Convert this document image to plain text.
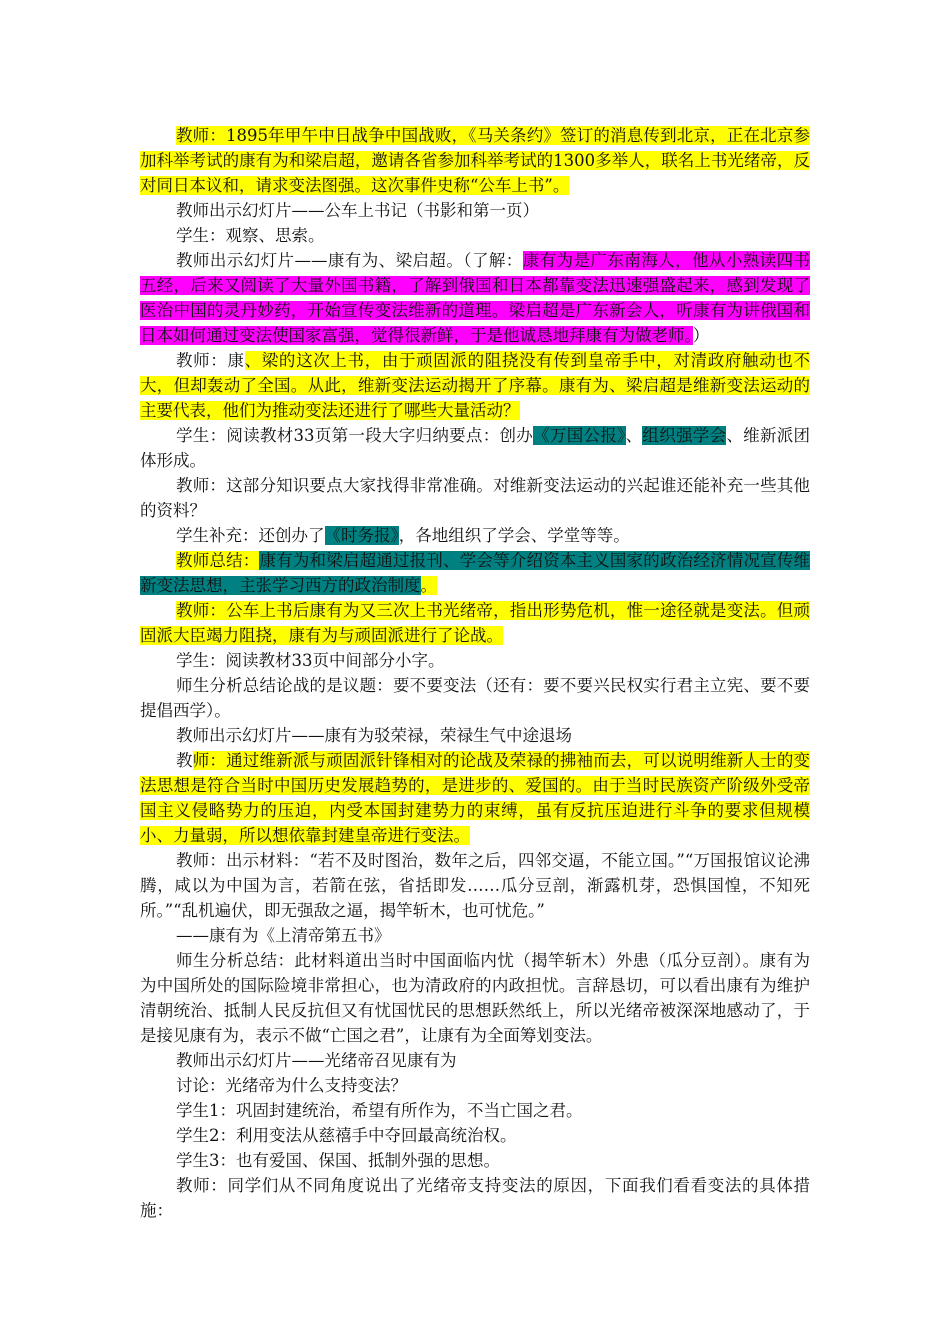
教师：1895年甲午中日战争中国战败，《马关条约》签订的消息传到北京，正在北京参加科举考试的康有为和梁启超，邀请各省参加科举考试的1300多举人，联名上书光绪帝，反对同日本议和，请求变法图强。这次事件史称“公车上书”。

教师出示幻灯片——公车上书记（书影和第一页）

学生：观察、思索。

教师出示幻灯片——康有为、梁启超。（了解：康有为是广东南海人，他从小熟读四书五经，后来又阅读了大量外国书籍，了解到俄国和日本都靠变法迅速强盛起来，感到发现了医治中国的灵丹妙药，开始宣传变法维新的道理。梁启超是广东新会人，听康有为讲俄国和日本如何通过变法使国家富强，觉得很新鲜，于是他诚恳地拜康有为做老师。）

教师：康、梁的这次上书，由于顽固派的阻挠没有传到皇帝手中，对清政府触动也不大，但却轰动了全国。从此，维新变法运动揭开了序幕。康有为、梁启超是维新变法运动的主要代表，他们为推动变法还进行了哪些大量活动？

学生：阅读教材33页第一段大字归纳要点：创办《万国公报》、组织强学会、维新派团体形成。

教师：这部分知识要点大家找得非常准确。对维新变法运动的兴起谁还能补充一些其他的资料？

学生补充：还创办了《时务报》，各地组织了学会、学堂等等。

教师总结：康有为和梁启超通过报刊、学会等介绍资本主义国家的政治经济情况宣传维新变法思想，主张学习西方的政治制度。

教师：公车上书后康有为又三次上书光绪帝，指出形势危机，惟一途径就是变法。但顽固派大臣竭力阻挠，康有为与顽固派进行了论战。

学生：阅读教材33页中间部分小字。

师生分析总结论战的是议题：要不要变法（还有：要不要兴民权实行君主立宪、要不要提倡西学）。

教师出示幻灯片——康有为驳荣禄，荣禄生气中途退场

教师：通过维新派与顽固派针锋相对的论战及荣禄的拂袖而去，可以说明维新人士的变法思想是符合当时中国历史发展趋势的，是进步的、爱国的。由于当时民族资产阶级外受帝国主义侵略势力的压迫，内受本国封建势力的束缚，虽有反抗压迫进行斗争的要求但规模小、力量弱，所以想依靠封建皇帝进行变法。

教师：出示材料：“若不及时图治，数年之后，四邻交逼，不能立国。”“万国报馆议论沸腾，咸以为中国为言，若箭在弦，省括即发……瓜分豆剖，渐露机芽，恐惧国惶，不知死所。”“乱机遍伏，即无强敌之逼，揭竿斩木，也可忧危。”

——康有为《上清帝第五书》

师生分析总结：此材料道出当时中国面临内忧（揭竿斩木）外患（瓜分豆剖）。康有为为中国所处的国际险境非常担心，也为清政府的内政担忧。言辞恳切，可以看出康有为维护清朝统治、抵制人民反抗但又有忧国忧民的思想跃然纸上，所以光绪帝被深深地感动了，于是接见康有为，表示不做“亡国之君”，让康有为全面筹划变法。

教师出示幻灯片——光绪帝召见康有为

讨论：光绪帝为什么支持变法？

学生1：巩固封建统治，希望有所作为，不当亡国之君。

学生2：利用变法从慈禧手中夺回最高统治权。

学生3：也有爱国、保国、抵制外强的思想。

教师：同学们从不同角度说出了光绪帝支持变法的原因，下面我们看看变法的具体措施：
